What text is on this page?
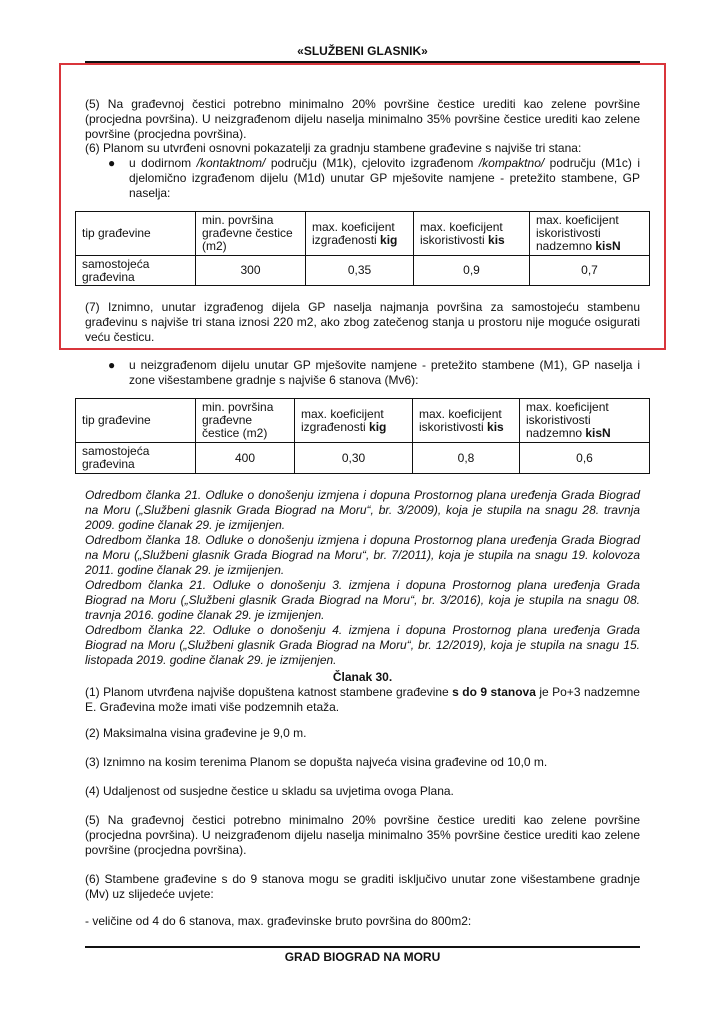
«SLUŽBENI GLASNIK»
(5) Na građevnoj čestici potrebno minimalno 20% površine čestice urediti kao zelene površine (procjedna površina). U neizgrađenom dijelu naselja minimalno 35% površine čestice urediti kao zelene površine (procjedna površina).
(6) Planom su utvrđeni osnovni pokazatelji za gradnju stambene građevine s najviše tri stana:
●	u dodirnom /kontaktnom/ području (M1k), cjelovito izgrađenom /kompaktno/ području (M1c) i djelomično izgrađenom dijelu (M1d) unutar GP mješovite namjene - pretežito stambene, GP naselja:
tip građevine	min. površina građevne čestice (m2)	max. koeficijent izgrađenosti kig	max. koeficijent iskoristivosti kis	max. koeficijent iskoristivosti nadzemno kisN
samostojeća građevina	300	0,35	0,9	0,7
(7) Iznimno, unutar izgrađenog dijela GP naselja najmanja površina za samostojeću stambenu građevinu s najviše tri stana iznosi 220 m2, ako zbog zatečenog stanja u prostoru nije moguće osigurati veću česticu.
●	u neizgrađenom dijelu unutar GP mješovite namjene - pretežito stambene (M1), GP naselja i zone višestambene gradnje s najviše 6 stanova (Mv6):
tip građevine	min. površina građevne čestice (m2)	max. koeficijent izgrađenosti kig	max. koeficijent iskoristivosti kis	max. koeficijent iskoristivosti nadzemno kisN
samostojeća građevina	400	0,30	0,8	0,6
Odredbom članka 21. Odluke o donošenju izmjena i dopuna Prostornog plana uređenja Grada Biograd na Moru („Službeni glasnik Grada Biograd na Moru“, br. 3/2009), koja je stupila na snagu 28. travnja 2009. godine članak 29. je izmijenjen.
Odredbom članka 18. Odluke o donošenju izmjena i dopuna Prostornog plana uređenja Grada Biograd na Moru („Službeni glasnik Grada Biograd na Moru“, br. 7/2011), koja je stupila na snagu 19. kolovoza 2011. godine članak 29. je izmijenjen.
Odredbom članka 21. Odluke o donošenju 3. izmjena i dopuna Prostornog plana uređenja Grada Biograd na Moru („Službeni glasnik Grada Biograd na Moru“, br. 3/2016), koja je stupila na snagu 08. travnja 2016. godine članak 29. je izmijenjen.
Odredbom članka 22. Odluke o donošenju 4. izmjena i dopuna Prostornog plana uređenja Grada Biograd na Moru („Službeni glasnik Grada Biograd na Moru“, br. 12/2019), koja je stupila na snagu 15. listopada 2019. godine članak 29. je izmijenjen.
Članak 30.
(1) Planom utvrđena najviše dopuštena katnost stambene građevine s do 9 stanova je Po+3 nadzemne E. Građevina može imati više podzemnih etaža.
(2) Maksimalna visina građevine je 9,0 m.
(3) Iznimno na kosim terenima Planom se dopušta najveća visina građevine od 10,0 m.
(4) Udaljenost od susjedne čestice u skladu sa uvjetima ovoga Plana.
(5) Na građevnoj čestici potrebno minimalno 20% površine čestice urediti kao zelene površine (procjedna površina). U neizgrađenom dijelu naselja minimalno 35% površine čestice urediti kao zelene površine (procjedna površina).
(6) Stambene građevine s do 9 stanova mogu se graditi isključivo unutar zone višestambene gradnje (Mv) uz slijedeće uvjete:
- veličine od 4 do 6 stanova, max. građevinske bruto površina do 800m2:
GRAD BIOGRAD NA MORU
